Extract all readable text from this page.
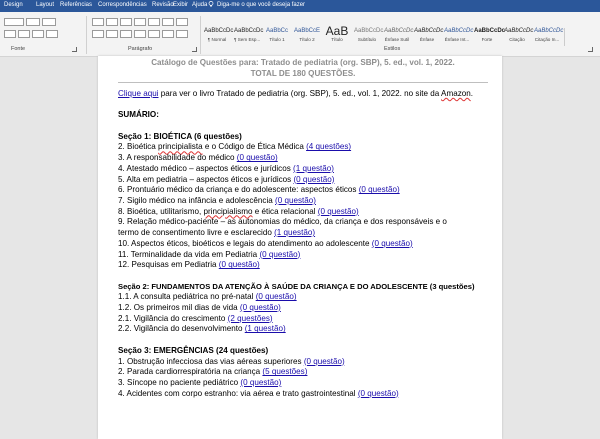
Design Layout Referências Correspondências Revisão Exibir Ajuda	Diga-me o que você deseja fazer
Fonte	Parágrafo
AaBbCcDc
¶ Normal
AaBbCcDc
¶ Sem Esp...
AaBbCc
Título 1
AaBbCcE
Título 2
AaB
Título
AaBbCcDc
Subtítulo
AaBbCcDc
Ênfase Sutil
AaBbCcDc
Ênfase
AaBbCcDc
Ênfase Int...
AaBbCcDc
Forte
AaBbCcDc
Citação
AaBbCcDc
Citação In...
Estilos
Catálogo de Questões para: Tratado de pediatria (org. SBP), 5. ed., vol. 1, 2022.
TOTAL DE 180 QUESTÕES.
Clique aqui para ver o livro Tratado de pediatria (org. SBP), 5. ed., vol. 1, 2022. no site da Amazon.
SUMÁRIO:
Seção 1: BIOÉTICA (6 questões)
2. Bioética principialista e o Código de Ética Médica (4 questões)
3. A responsabilidade do médico (0 questão)
4. Atestado médico – aspectos éticos e jurídicos (1 questão)
5. Alta em pediatria – aspectos éticos e jurídicos (0 questão)
6. Prontuário médico da criança e do adolescente: aspectos éticos (0 questão)
7. Sigilo médico na infância e adolescência (0 questão)
8. Bioética, utilitarismo, principialismo e ética relacional (0 questão)
9. Relação médico-paciente – as autonomias do médico, da criança e dos responsáveis e o
termo de consentimento livre e esclarecido (1 questão)
10. Aspectos éticos, bioéticos e legais do atendimento ao adolescente (0 questão)
11. Terminalidade da vida em Pediatria (0 questão)
12. Pesquisas em Pediatria (0 questão)
Seção 2: FUNDAMENTOS DA ATENÇÃO À SAÚDE DA CRIANÇA E DO ADOLESCENTE (3 questões)
1.1. A consulta pediátrica no pré-natal (0 questão)
1.2. Os primeiros mil dias de vida (0 questão)
2.1. Vigilância do crescimento (2 questões)
2.2. Vigilância do desenvolvimento (1 questão)
Seção 3: EMERGÊNCIAS (24 questões)
1. Obstrução infecciosa das vias aéreas superiores (0 questão)
2. Parada cardiorrespiratória na criança (5 questões)
3. Síncope no paciente pediátrico (0 questão)
4. Acidentes com corpo estranho: via aérea e trato gastrointestinal (0 questão)
